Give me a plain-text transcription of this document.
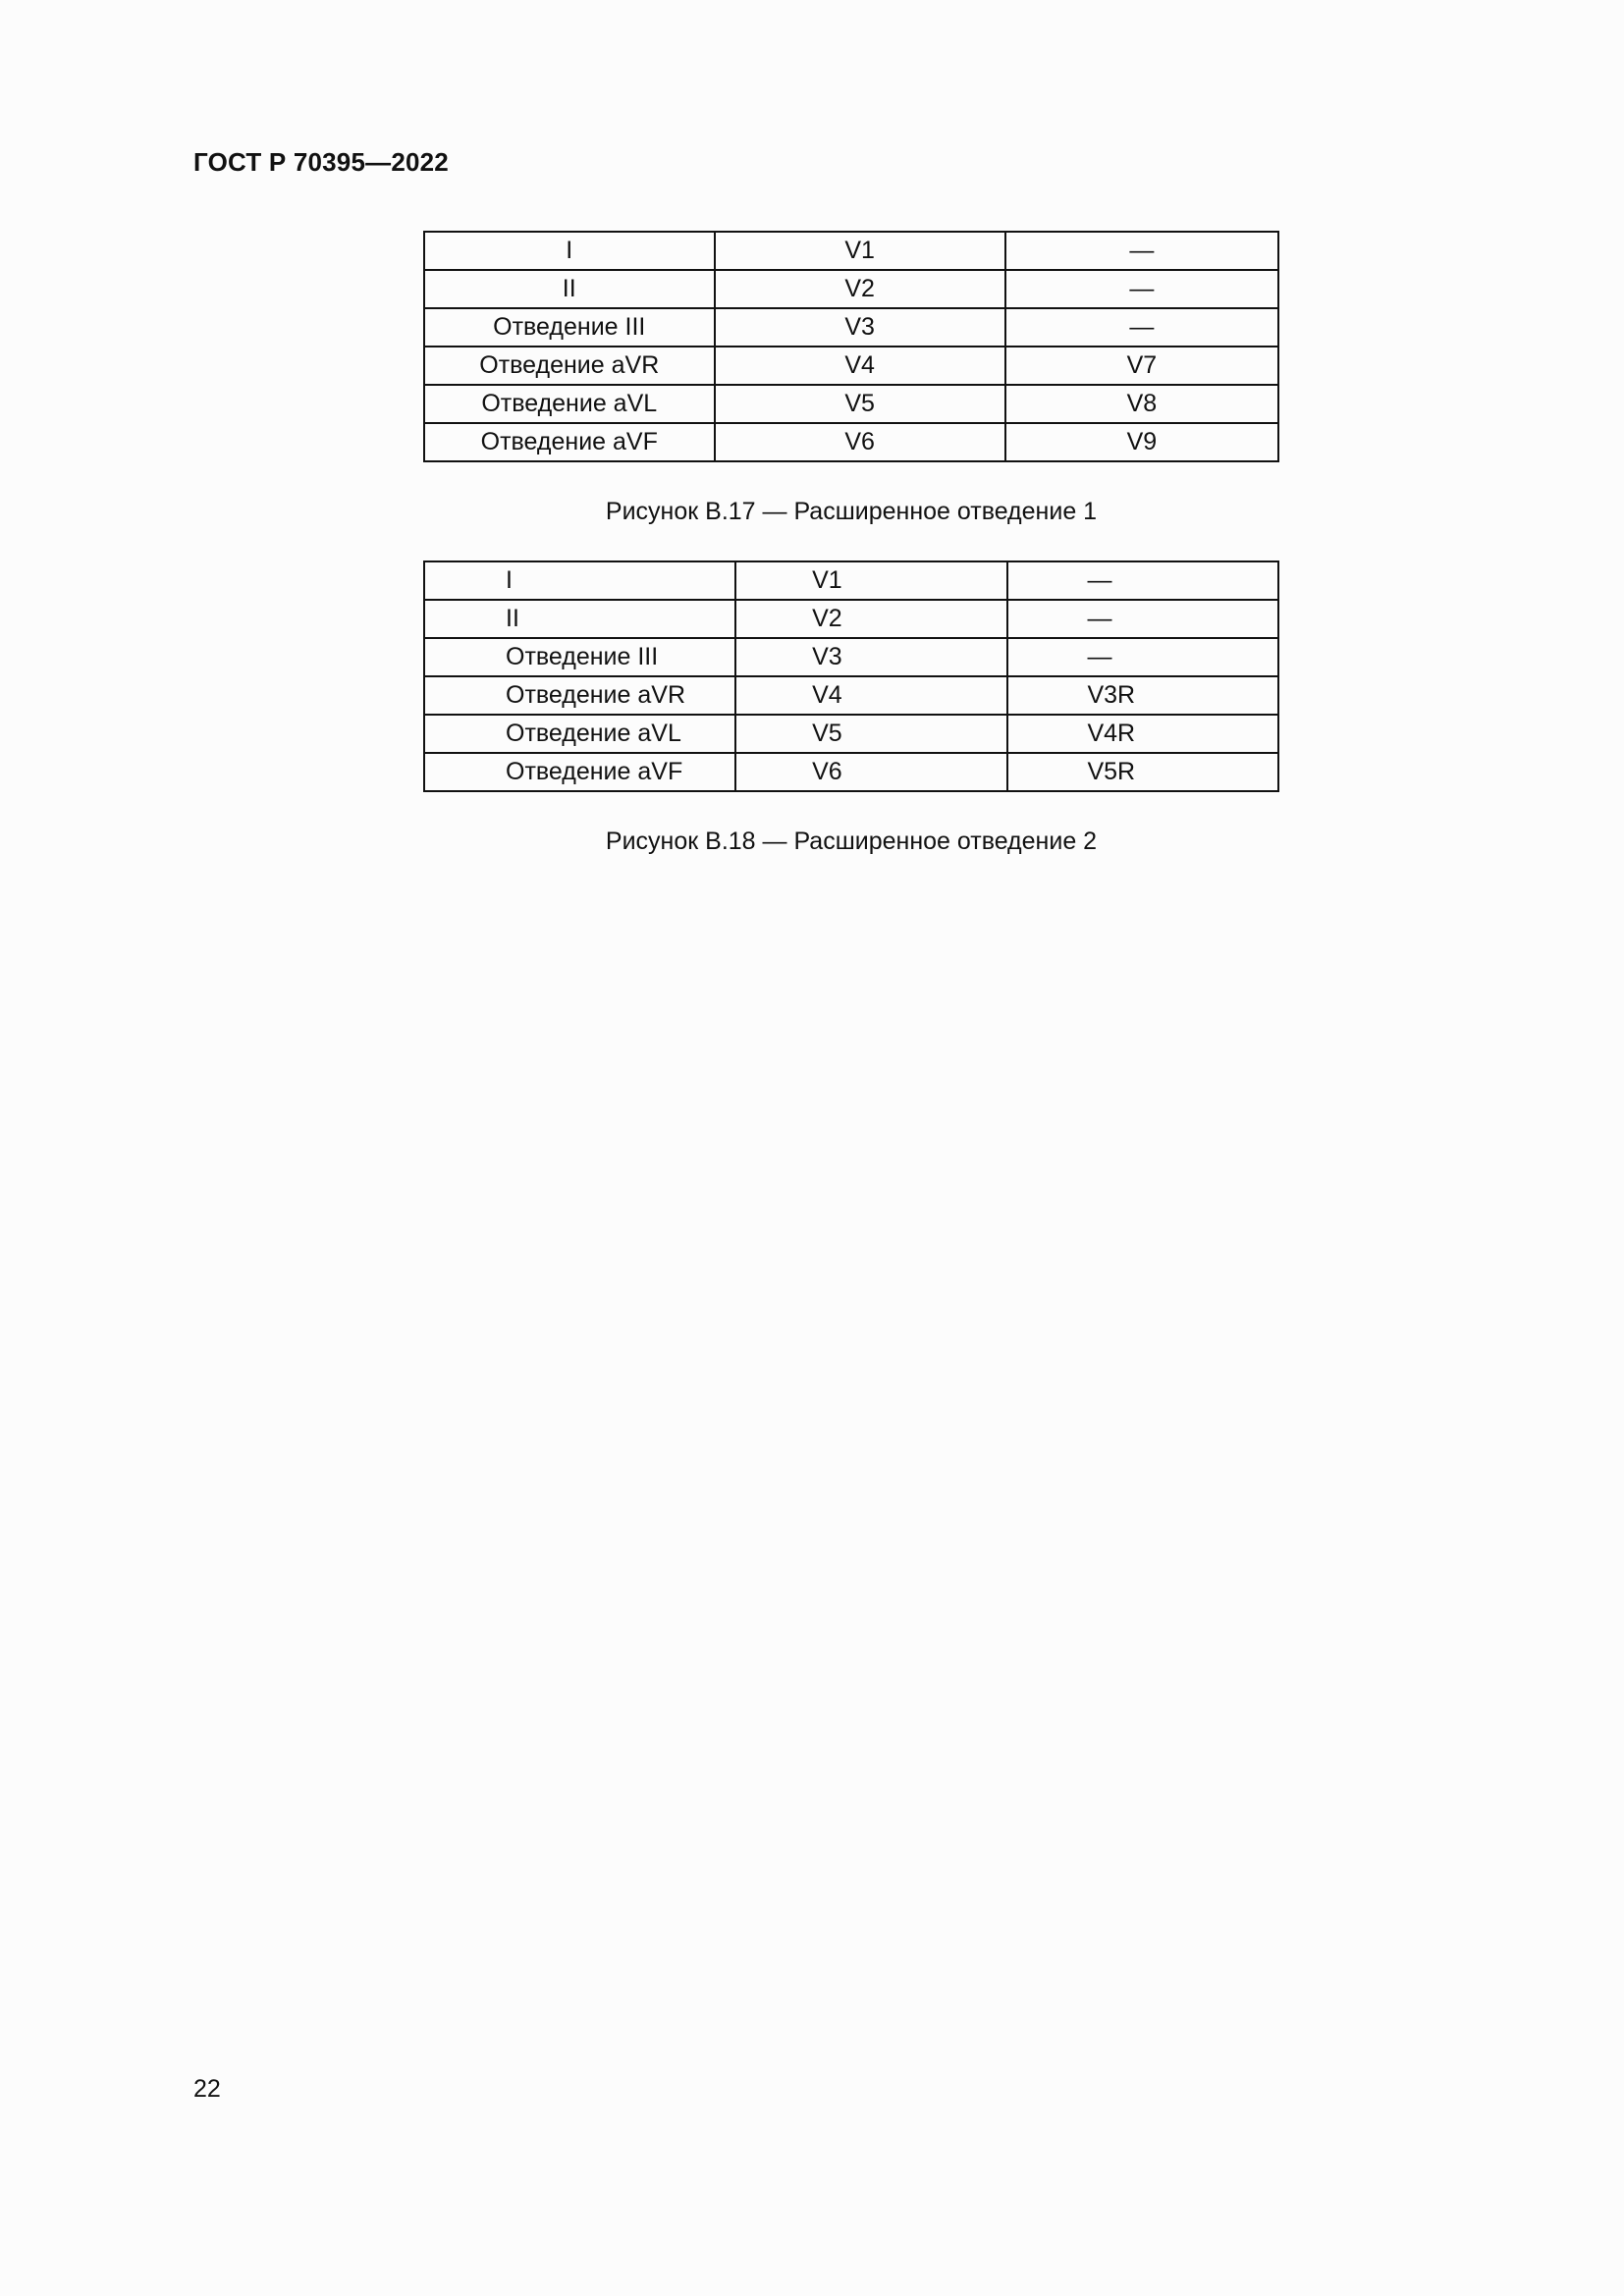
ГОСТ Р 70395—2022
I	V1	—
II	V2	—
Отведение III	V3	—
Отведение aVR	V4	V7
Отведение aVL	V5	V8
Отведение aVF	V6	V9
Рисунок В.17 — Расширенное отведение 1
I	V1	—
II	V2	—
Отведение III	V3	—
Отведение aVR	V4	V3R
Отведение aVL	V5	V4R
Отведение aVF	V6	V5R
Рисунок В.18 — Расширенное отведение 2
22
